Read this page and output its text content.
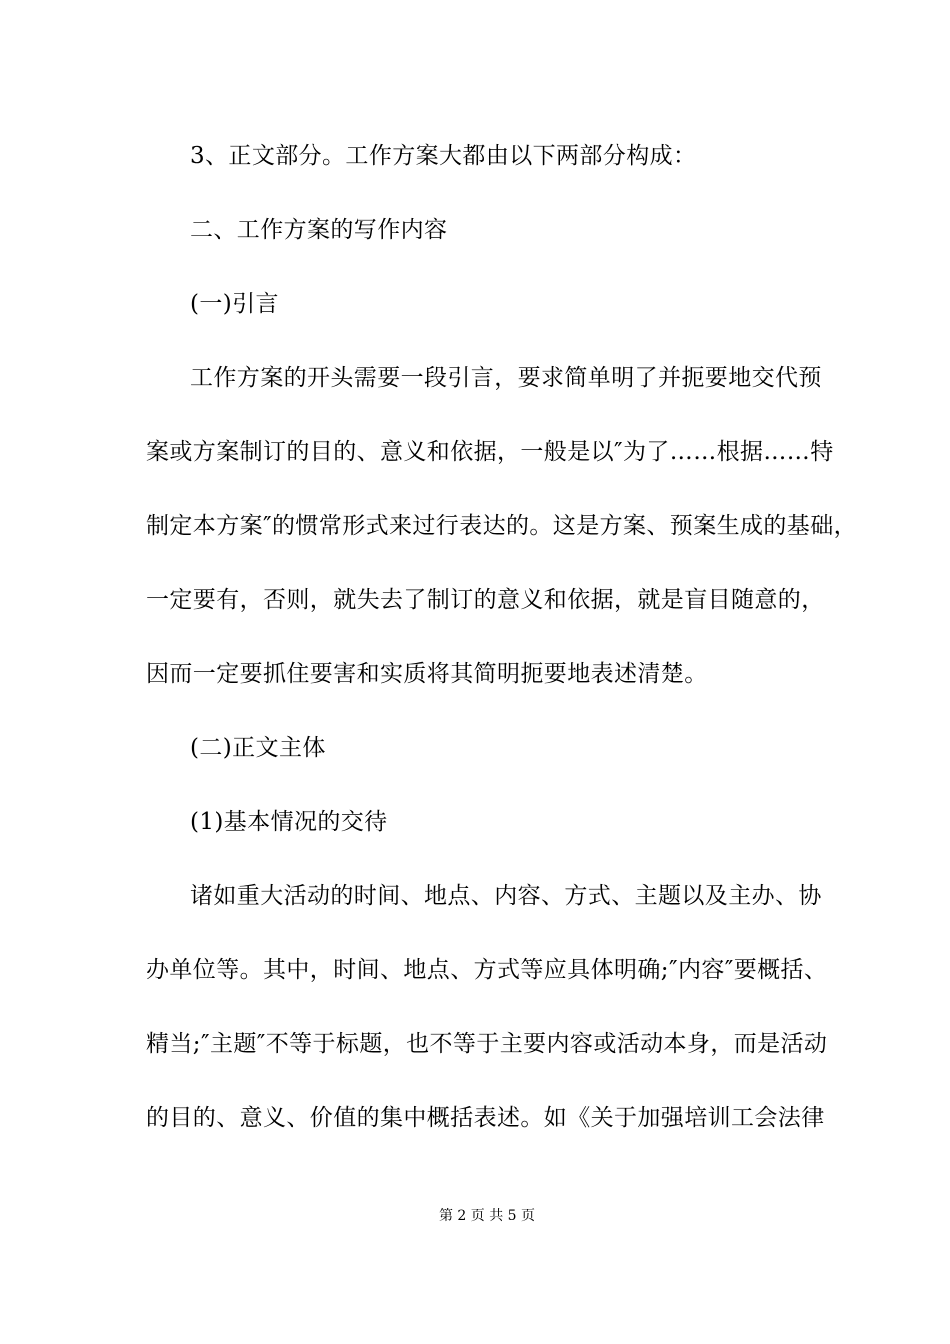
3、正文部分。工作方案大都由以下两部分构成：
二、工作方案的写作内容
(一)引言
工作方案的开头需要一段引言，要求简单明了并扼要地交代预
案或方案制订的目的、意义和依据，一般是以″为了……根据……特
制定本方案″的惯常形式来过行表达的。这是方案、预案生成的基础，
一定要有，否则，就失去了制订的意义和依据，就是盲目随意的，
因而一定要抓住要害和实质将其简明扼要地表述清楚。
(二)正文主体
(1)基本情况的交待
诸如重大活动的时间、地点、内容、方式、主题以及主办、协
办单位等。其中，时间、地点、方式等应具体明确;″内容″要概括、
精当;″主题″不等于标题，也不等于主要内容或活动本身，而是活动
的目的、意义、价值的集中概括表述。如《关于加强培训工会法律
第 2 页 共 5 页
